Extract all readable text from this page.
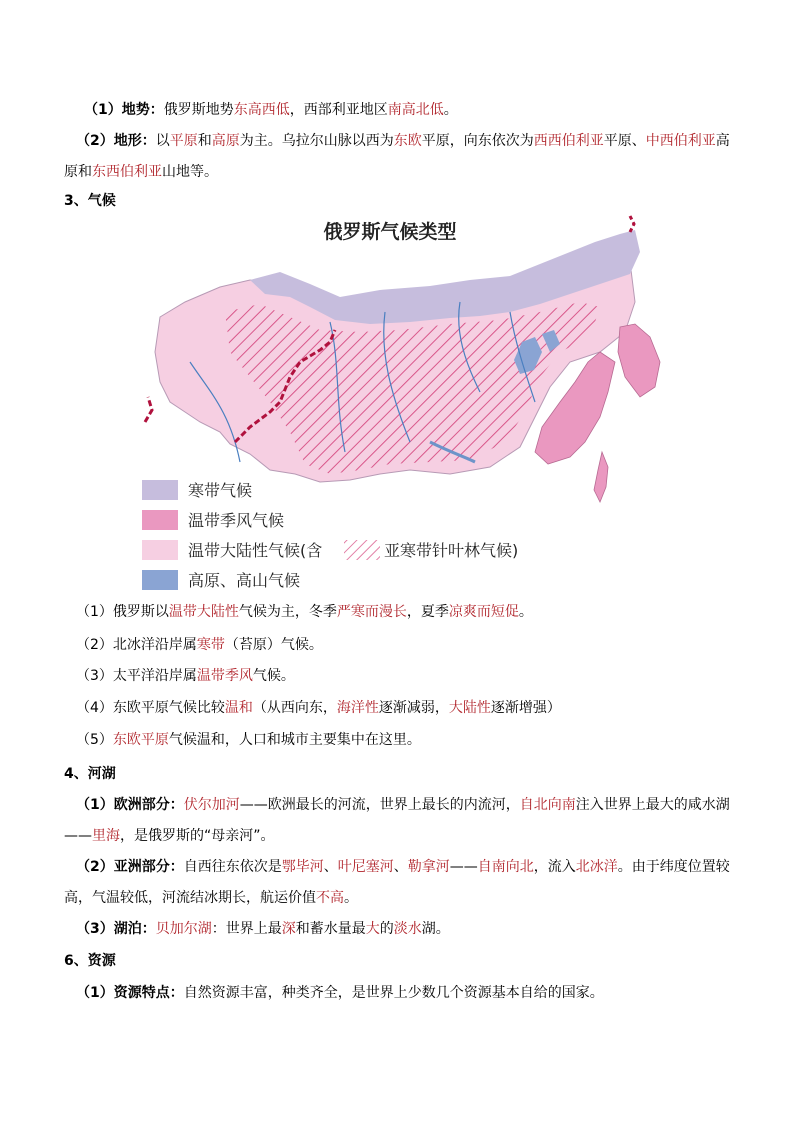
（1）地势：俄罗斯地势东高西低，西部利亚地区南高北低。
（2）地形：以平原和高原为主。乌拉尔山脉以西为东欧平原，向东依次为西西伯利亚平原、中西伯利亚高
原和东西伯利亚山地等。
3、气候
俄罗斯气候类型
寒带气候
温带季风气候
温带大陆性气候(含	亚寒带针叶林气候)
高原、高山气候
（1）俄罗斯以温带大陆性气候为主，冬季严寒而漫长，夏季凉爽而短促。
（2）北冰洋沿岸属寒带（苔原）气候。
（3）太平洋沿岸属温带季风气候。
（4）东欧平原气候比较温和（从西向东，海洋性逐渐减弱，大陆性逐渐增强）
（5）东欧平原气候温和，人口和城市主要集中在这里。
4、河湖
（1）欧洲部分：伏尔加河——欧洲最长的河流，世界上最长的内流河，自北向南注入世界上最大的咸水湖
——里海，是俄罗斯的“母亲河”。
（2）亚洲部分：自西往东依次是鄂毕河、叶尼塞河、勒拿河——自南向北，流入北冰洋。由于纬度位置较
高，气温较低，河流结冰期长，航运价值不高。
（3）湖泊：贝加尔湖：世界上最深和蓄水量最大的淡水湖。
6、资源
（1）资源特点：自然资源丰富，种类齐全，是世界上少数几个资源基本自给的国家。
